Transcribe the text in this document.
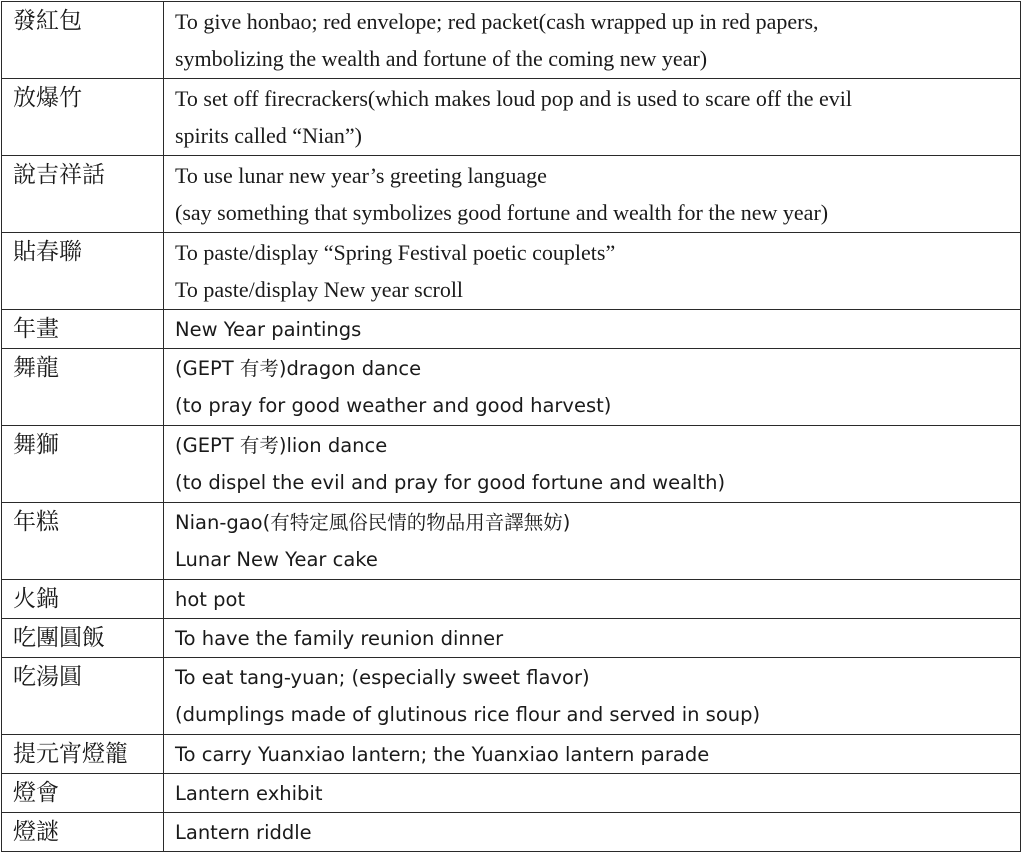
發紅包	To give honbao; red envelope; red packet(cash wrapped up in red papers,
symbolizing the wealth and fortune of the coming new year)

放爆竹	To set off firecrackers(which makes loud pop and is used to scare off the evil
spirits called “Nian”)

說吉祥話	To use lunar new year’s greeting language
(say something that symbolizes good fortune and wealth for the new year)

貼春聯	To paste/display “Spring Festival poetic couplets”
To paste/display New year scroll

年畫	New Year paintings

舞龍	(GEPT 有考)dragon dance
(to pray for good weather and good harvest)

舞獅	(GEPT 有考)lion dance
(to dispel the evil and pray for good fortune and wealth)

年糕	Nian-gao(有特定風俗民情的物品用音譯無妨)
Lunar New Year cake

火鍋	hot pot

吃團圓飯	To have the family reunion dinner

吃湯圓	To eat tang-yuan; (especially sweet flavor)
(dumplings made of glutinous rice flour and served in soup)

提元宵燈籠	To carry Yuanxiao lantern; the Yuanxiao lantern parade

燈會	Lantern exhibit

燈謎	Lantern riddle
